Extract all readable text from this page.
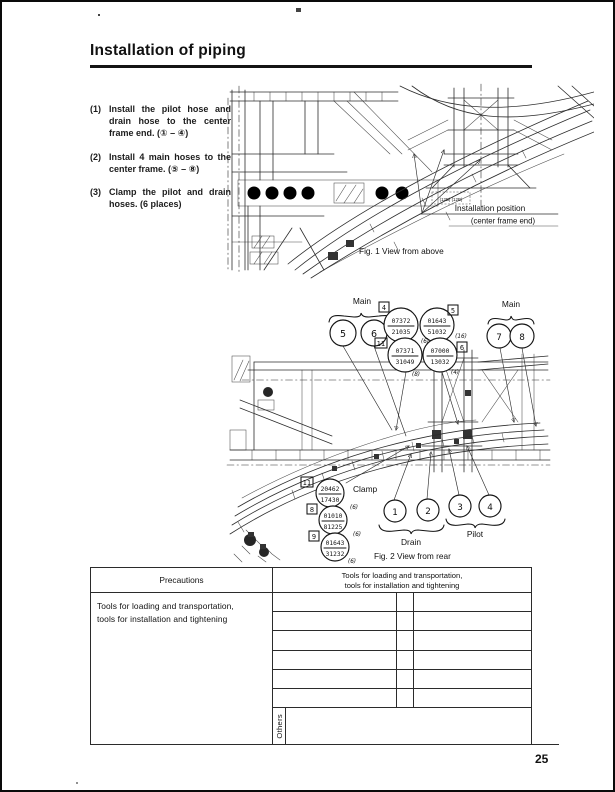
Installation of piping
(1) Install the pilot hose and drain hose to the center frame end. (① – ④)
(2) Install 4 main hoses to the center frame. (⑤ – ⑧)
(3) Clamp the pilot and drain hoses. (6 places)	(12B) (12B)
Installation position
(center frame end)
Fig. 1 View from above
Main
5	6
Main
7 8
07372
21035
01643
51032
07371
31049
07000
13032
4	5
11	6
(6)
(16)
(8)	(4)
20462
17430
01010
81225
01643
31232
11
8
9
(6)
(6)
(6)
Clamp
1	2	3	4
Drain
Pilot
Fig. 2 View from rear
Precautions	Tools for loading and transportation,
tools for installation and tightening
Tools for loading and transportation,
tools for installation and tightening
Others
25
